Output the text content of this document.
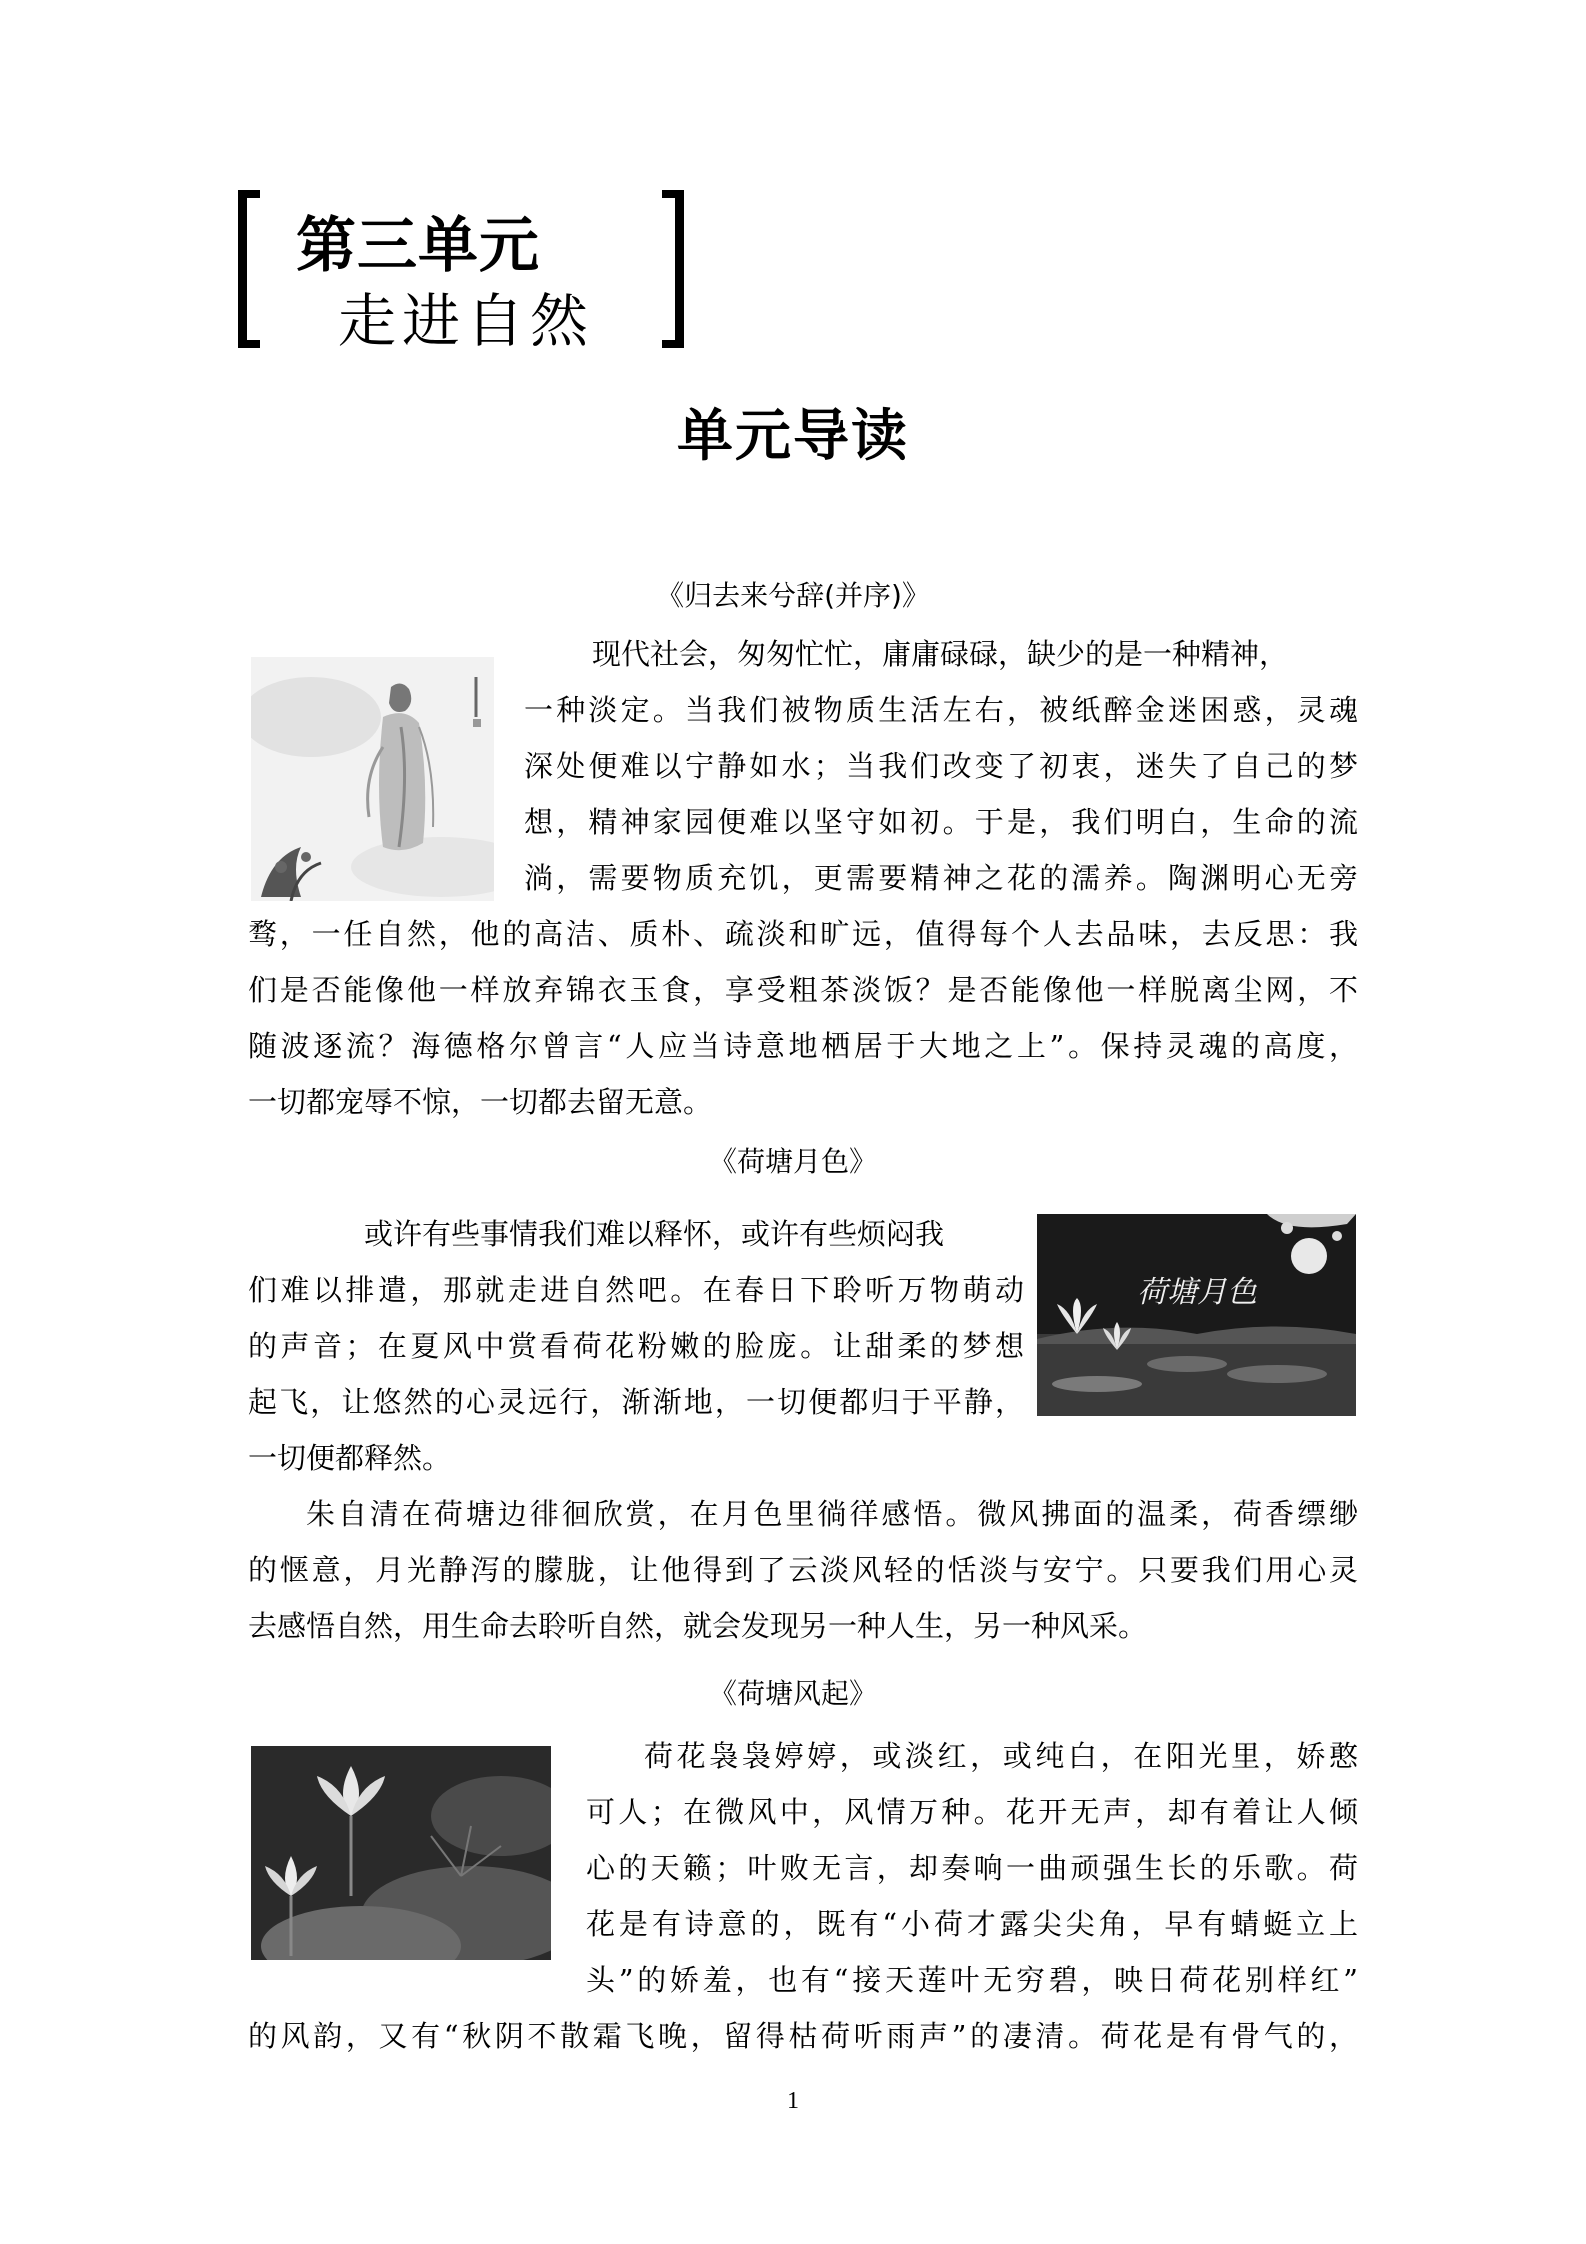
第三单元
走进自然
单元导读
《归去来兮辞(并序)》
现代社会，匆匆忙忙，庸庸碌碌，缺少的是一种精神，
一种淡定。当我们被物质生活左右，被纸醉金迷困惑，灵魂
深处便难以宁静如水；当我们改变了初衷，迷失了自己的梦
想，精神家园便难以坚守如初。于是，我们明白，生命的流
淌，需要物质充饥，更需要精神之花的濡养。陶渊明心无旁
骛，一任自然，他的高洁、质朴、疏淡和旷远，值得每个人去品味，去反思：我
们是否能像他一样放弃锦衣玉食，享受粗茶淡饭？是否能像他一样脱离尘网，不
随波逐流？海德格尔曾言“人应当诗意地栖居于大地之上”。保持灵魂的高度，
一切都宠辱不惊，一切都去留无意。
《荷塘月色》
荷塘月色
或许有些事情我们难以释怀，或许有些烦闷我
们难以排遣，那就走进自然吧。在春日下聆听万物萌动
的声音；在夏风中赏看荷花粉嫩的脸庞。让甜柔的梦想
起飞，让悠然的心灵远行，渐渐地，一切便都归于平静，
一切便都释然。
朱自清在荷塘边徘徊欣赏，在月色里徜徉感悟。微风拂面的温柔，荷香缥缈
的惬意，月光静泻的朦胧，让他得到了云淡风轻的恬淡与安宁。只要我们用心灵
去感悟自然，用生命去聆听自然，就会发现另一种人生，另一种风采。
《荷塘风起》
荷花袅袅婷婷，或淡红，或纯白，在阳光里，娇憨
可人；在微风中，风情万种。花开无声，却有着让人倾
心的天籁；叶败无言，却奏响一曲顽强生长的乐歌。荷
花是有诗意的，既有“小荷才露尖尖角，早有蜻蜓立上
头”的娇羞，也有“接天莲叶无穷碧，映日荷花别样红”
的风韵，又有“秋阴不散霜飞晚，留得枯荷听雨声”的凄清。荷花是有骨气的，
1
